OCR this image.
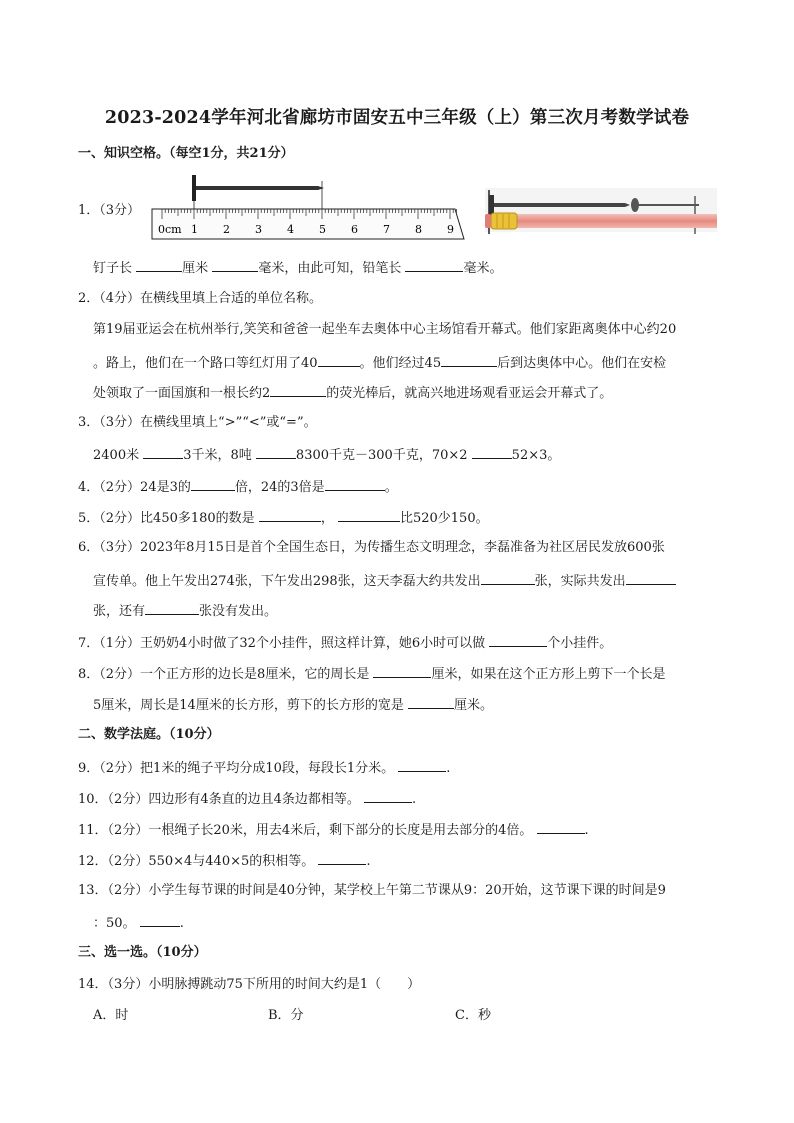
2023-2024学年河北省廊坊市固安五中三年级（上）第三次月考数学试卷
一、知识空格。（每空1分，共21分）
1．（3分）
0cm 1 2 3 4 5 6 7 8 9
钉子长	厘米	毫米，由此可知，铅笔长	毫米。
2．（4分）在横线里填上合适的单位名称。
第19届亚运会在杭州举行,笑笑和爸爸一起坐车去奥体中心主场馆看开幕式。他们家距离奥体中心约20
。路上，他们在一个路口等红灯用了40	。他们经过45	后到达奥体中心。他们在安检
处领取了一面国旗和一根长约2	的荧光棒后，就高兴地进场观看亚运会开幕式了。
3．（3分）在横线里填上“>”“<”或“=”。
2400米	3千米，8吨	8300千克－300千克，70×2	52×3。
4．（2分）24是3的	倍，24的3倍是	。
5．（2分）比450多180的数是	，	比520少150。
6．（3分）2023年8月15日是首个全国生态日，为传播生态文明理念，李磊准备为社区居民发放600张
宣传单。他上午发出274张，下午发出298张，这天李磊大约共发出	张，实际共发出
张，还有	张没有发出。
7．（1分）王奶奶4小时做了32个小挂件，照这样计算，她6小时可以做	个小挂件。
8．（2分）一个正方形的边长是8厘米，它的周长是	厘米，如果在这个正方形上剪下一个长是
5厘米，周长是14厘米的长方形，剪下的长方形的宽是	厘米。
二、数学法庭。（10分）
9．（2分）把1米的绳子平均分成10段，每段长1分米。	.
10．（2分）四边形有4条直的边且4条边都相等。	.
11．（2分）一根绳子长20米，用去4米后，剩下部分的长度是用去部分的4倍。	.
12．（2分）550×4与440×5的积相等。	.
13．（2分）小学生每节课的时间是40分钟，某学校上午第二节课从9：20开始，这节课下课的时间是9
：50。	.
三、选一选。（10分）
14．（3分）小明脉搏跳动75下所用的时间大约是1（　　）
A．时	B．分	C．秒
